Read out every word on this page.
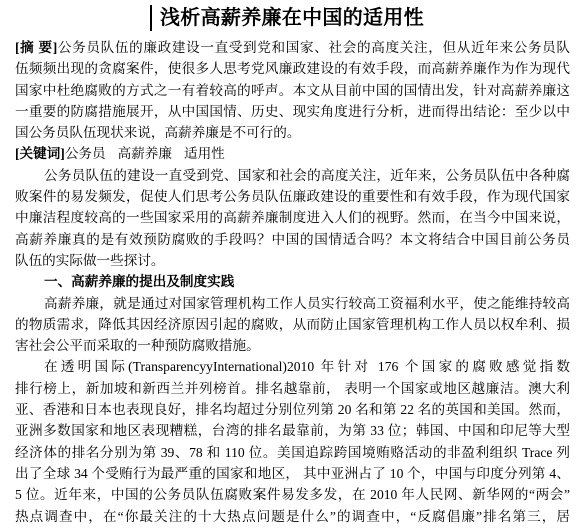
浅析高薪养廉在中国的适用性
[摘 要]公务员队伍的廉政建设一直受到党和国家、社会的高度关注，但从近年来公务员队
伍频频出现的贪腐案件，使很多人思考党风廉政建设的有效手段，而高薪养廉作为作为现代
国家中杜绝腐败的方式之一有着较高的呼声。本文从目前中国的国情出发，针对高薪养廉这
一重要的防腐措施展开，从中国国情、历史、现实角度进行分析，进而得出结论：至少以中
国公务员队伍现状来说，高薪养廉是不可行的。
[关键词]公务员 高薪养廉 适用性
公务员队伍的建设一直受到党、国家和社会的高度关注，近年来，公务员队伍中各种腐
败案件的易发频发，促使人们思考公务员队伍廉政建设的重要性和有效手段，作为现代国家
中廉洁程度较高的一些国家采用的高薪养廉制度进入人们的视野。然而，在当今中国来说，
高薪养廉真的是有效预防腐败的手段吗？中国的国情适合吗？本文将结合中国目前公务员
队伍的实际做一些探讨。
一、高薪养廉的提出及制度实践
高薪养廉，就是通过对国家管理机构工作人员实行较高工资福利水平，使之能维持较高
的物质需求，降低其因经济原因引起的腐败，从而防止国家管理机构工作人员以权牟利、损
害社会公平而采取的一种预防腐败措施。
在透明国际(TransparencyyInternational)2010 年针对 176 个国家的腐败感觉指数
排行榜上，新加坡和新西兰并列榜首。排名越靠前， 表明一个国家或地区越廉洁。澳大利
亚、香港和日本也表现良好，排名均超过分别位列第 20 名和第 22 名的英国和美国。然而，
亚洲多数国家和地区表现糟糕，台湾的排名最靠前，为第 33 位；韩国、中国和印尼等大型
经济体的排名分别为第 39、78 和 110 位。美国追踪跨国境贿赂活动的非盈利组织 Trace 列
出了全球 34 个受贿行为最严重的国家和地区， 其中亚洲占了 10 个，中国与印度分列第 4、
5 位。近年来，中国的公务员队伍腐败案件易发多发，在 2010 年人民网、新华网的“两会”
热点调查中，在“你最关注的十大热点问题是什么”的调查中，“反腐倡廉”排名第三，居
